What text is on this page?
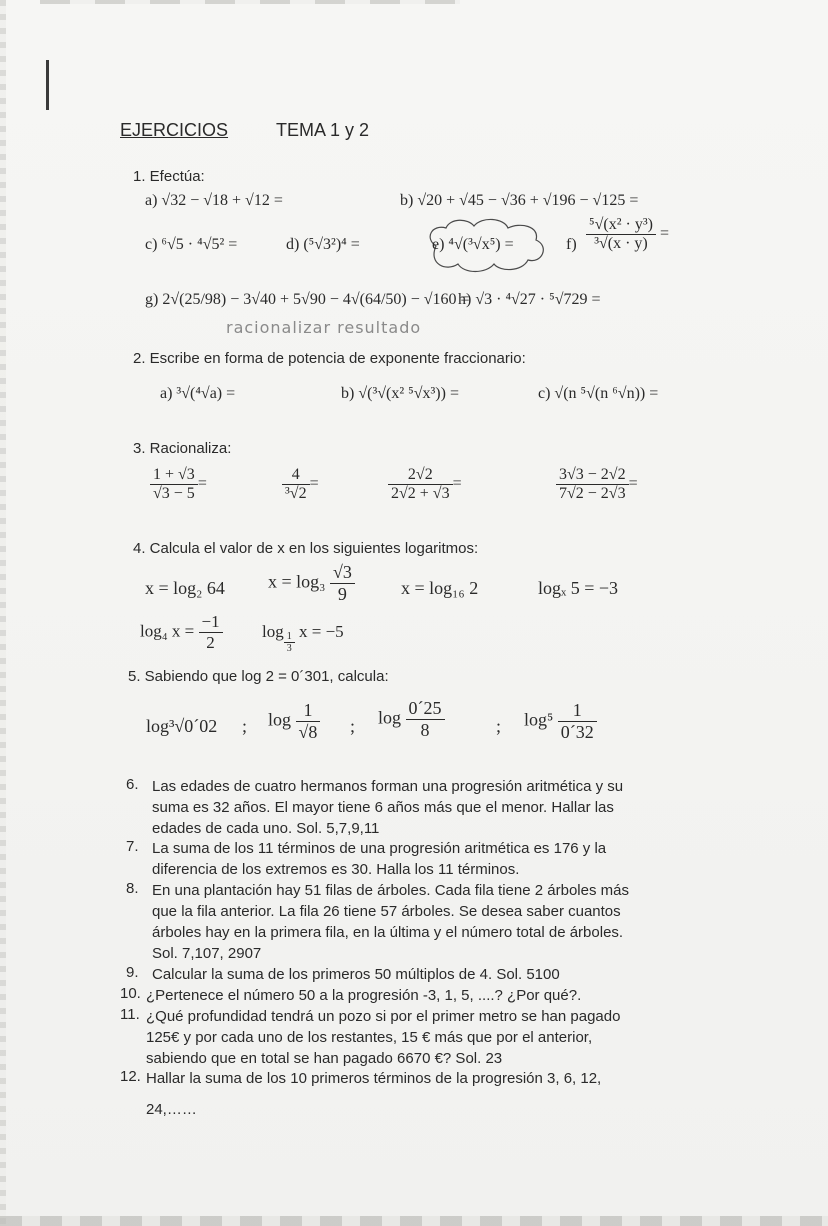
EJERCICIOS	TEMA 1 y 2
1. Efectúa:
a) √32 − √18 + √12 =	b) √20 + √45 − √36 + √196 − √125 =
c) ⁶√5 · ⁴√5² =	d) (⁵√3²)⁴ =	e) ⁴√(³√x⁵) =	$f) \frac{\text{⁵√(x² · y³)}}{\text{³√(x · y)}}$ =
g) 2√(25/98) − 3√40 + 5√90 − 4√(64/50) − √160 =
h) √3 · ⁴√27 · ⁵√729 =
racionalizar resultado
2. Escribe en forma de potencia de exponente fraccionario:
a) ³√(⁴√a) =	b) √(³√(x² ⁵√x³)) =	c) √(n ⁵√(n ⁶√n)) =
3. Racionaliza:
$\frac{1 + √3}{√3 - 5}$ =	$\frac{4}{\text{³√2}}$ =	$\frac{2√2}{2√2 + √3}$ =	$\frac{3√3 - 2√2}{7√2 - 2√3}$ =
4. Calcula el valor de x en los siguientes logaritmos:
x = log₂ 64 $x = \log_3 \frac{√3}{9}$	x = log₁₆ 2	logₓ 5 = −3
log₄ $x = \frac{-1}{2}$ $\log \frac{1}{3}$ x = −5
5. Sabiendo que log 2 = 0´301, calcula:
log³√0´02 ; $\log \frac{1}{√8}$ ; $\log \frac{0´25}{8}$	; $\log^5 \frac{1}{0´32}$
6. Las edades de cuatro hermanos forman una progresión aritmética y su
suma es 32 años. El mayor tiene 6 años más que el menor. Hallar las
edades de cada uno. Sol. 5,7,9,11
7. La suma de los 11 términos de una progresión aritmética es 176 y la
diferencia de los extremos es 30. Halla los 11 términos.
8. En una plantación hay 51 filas de árboles. Cada fila tiene 2 árboles más
que la fila anterior. La fila 26 tiene 57 árboles. Se desea saber cuantos
árboles hay en la primera fila, en la última y el número total de árboles.
Sol. 7,107, 2907
9. Calcular la suma de los primeros 50 múltiplos de 4. Sol. 5100
10. ¿Pertenece el número 50 a la progresión -3, 1, 5, ....? ¿Por qué?.
11. ¿Qué profundidad tendrá un pozo si por el primer metro se han pagado
125€ y por cada uno de los restantes, 15 € más que por el anterior,
sabiendo que en total se han pagado 6670 €? Sol. 23
12. Hallar la suma de los 10 primeros términos de la progresión 3, 6, 12,
24,……
